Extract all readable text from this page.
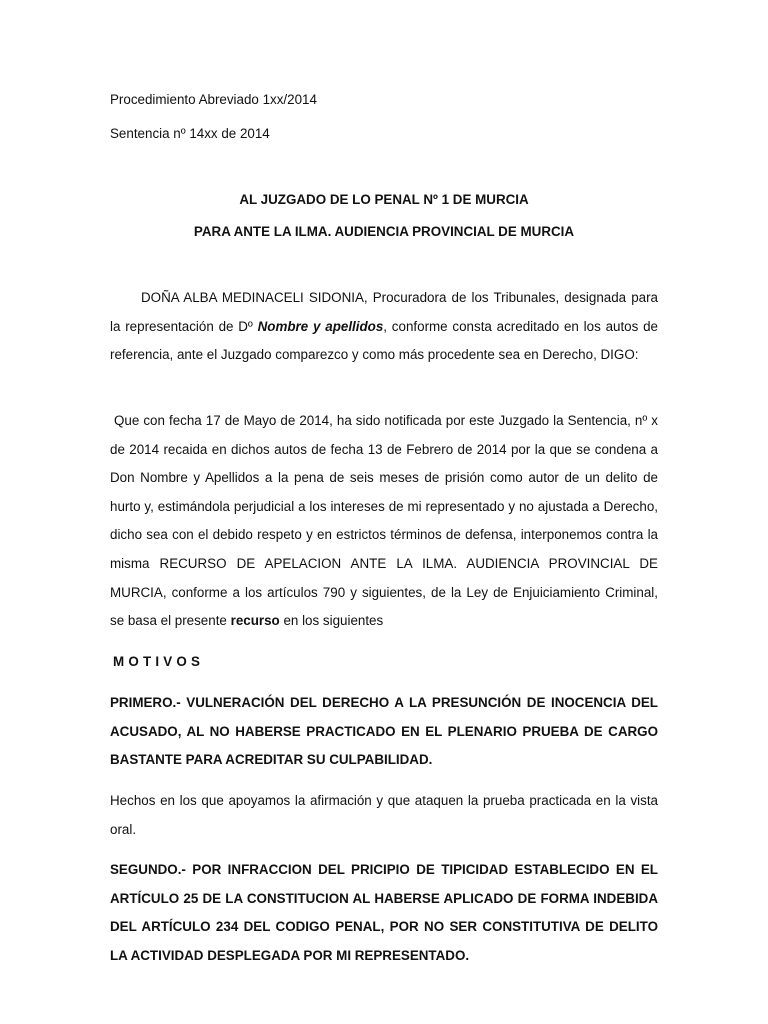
Procedimiento Abreviado 1xx/2014

Sentencia nº 14xx de 2014

AL JUZGADO DE LO PENAL Nº 1 DE MURCIA

PARA ANTE LA ILMA. AUDIENCIA PROVINCIAL DE MURCIA

DOÑA ALBA MEDINACELI SIDONIA, Procuradora de los Tribunales, designada para la representación de Dº Nombre y apellidos, conforme consta acreditado en los autos de referencia, ante el Juzgado comparezco y como más procedente sea en Derecho, DIGO:

Que con fecha 17 de Mayo de 2014, ha sido notificada por este Juzgado la Sentencia, nº x de 2014 recaida en dichos autos de fecha 13 de Febrero de 2014 por la que se condena a Don Nombre y Apellidos a la pena de seis meses de prisión como autor de un delito de hurto y, estimándola perjudicial a los intereses de mi representado y no ajustada a Derecho, dicho sea con el debido respeto y en estrictos términos de defensa, interponemos contra la misma RECURSO DE APELACION ANTE LA ILMA. AUDIENCIA PROVINCIAL DE MURCIA, conforme a los artículos 790 y siguientes, de la Ley de Enjuiciamiento Criminal, se basa el presente recurso en los siguientes

MOTIVOS

PRIMERO.- VULNERACIÓN DEL DERECHO A LA PRESUNCIÓN DE INOCENCIA DEL ACUSADO, AL NO HABERSE PRACTICADO EN EL PLENARIO PRUEBA DE CARGO BASTANTE PARA ACREDITAR SU CULPABILIDAD.

Hechos en los que apoyamos la afirmación y que ataquen la prueba practicada en la vista oral.

SEGUNDO.- POR INFRACCION DEL PRICIPIO DE TIPICIDAD ESTABLECIDO EN EL ARTÍCULO 25 DE LA CONSTITUCION AL HABERSE APLICADO DE FORMA INDEBIDA DEL ARTÍCULO 234 DEL CODIGO PENAL, POR NO SER CONSTITUTIVA DE DELITO LA ACTIVIDAD DESPLEGADA POR MI REPRESENTADO.
